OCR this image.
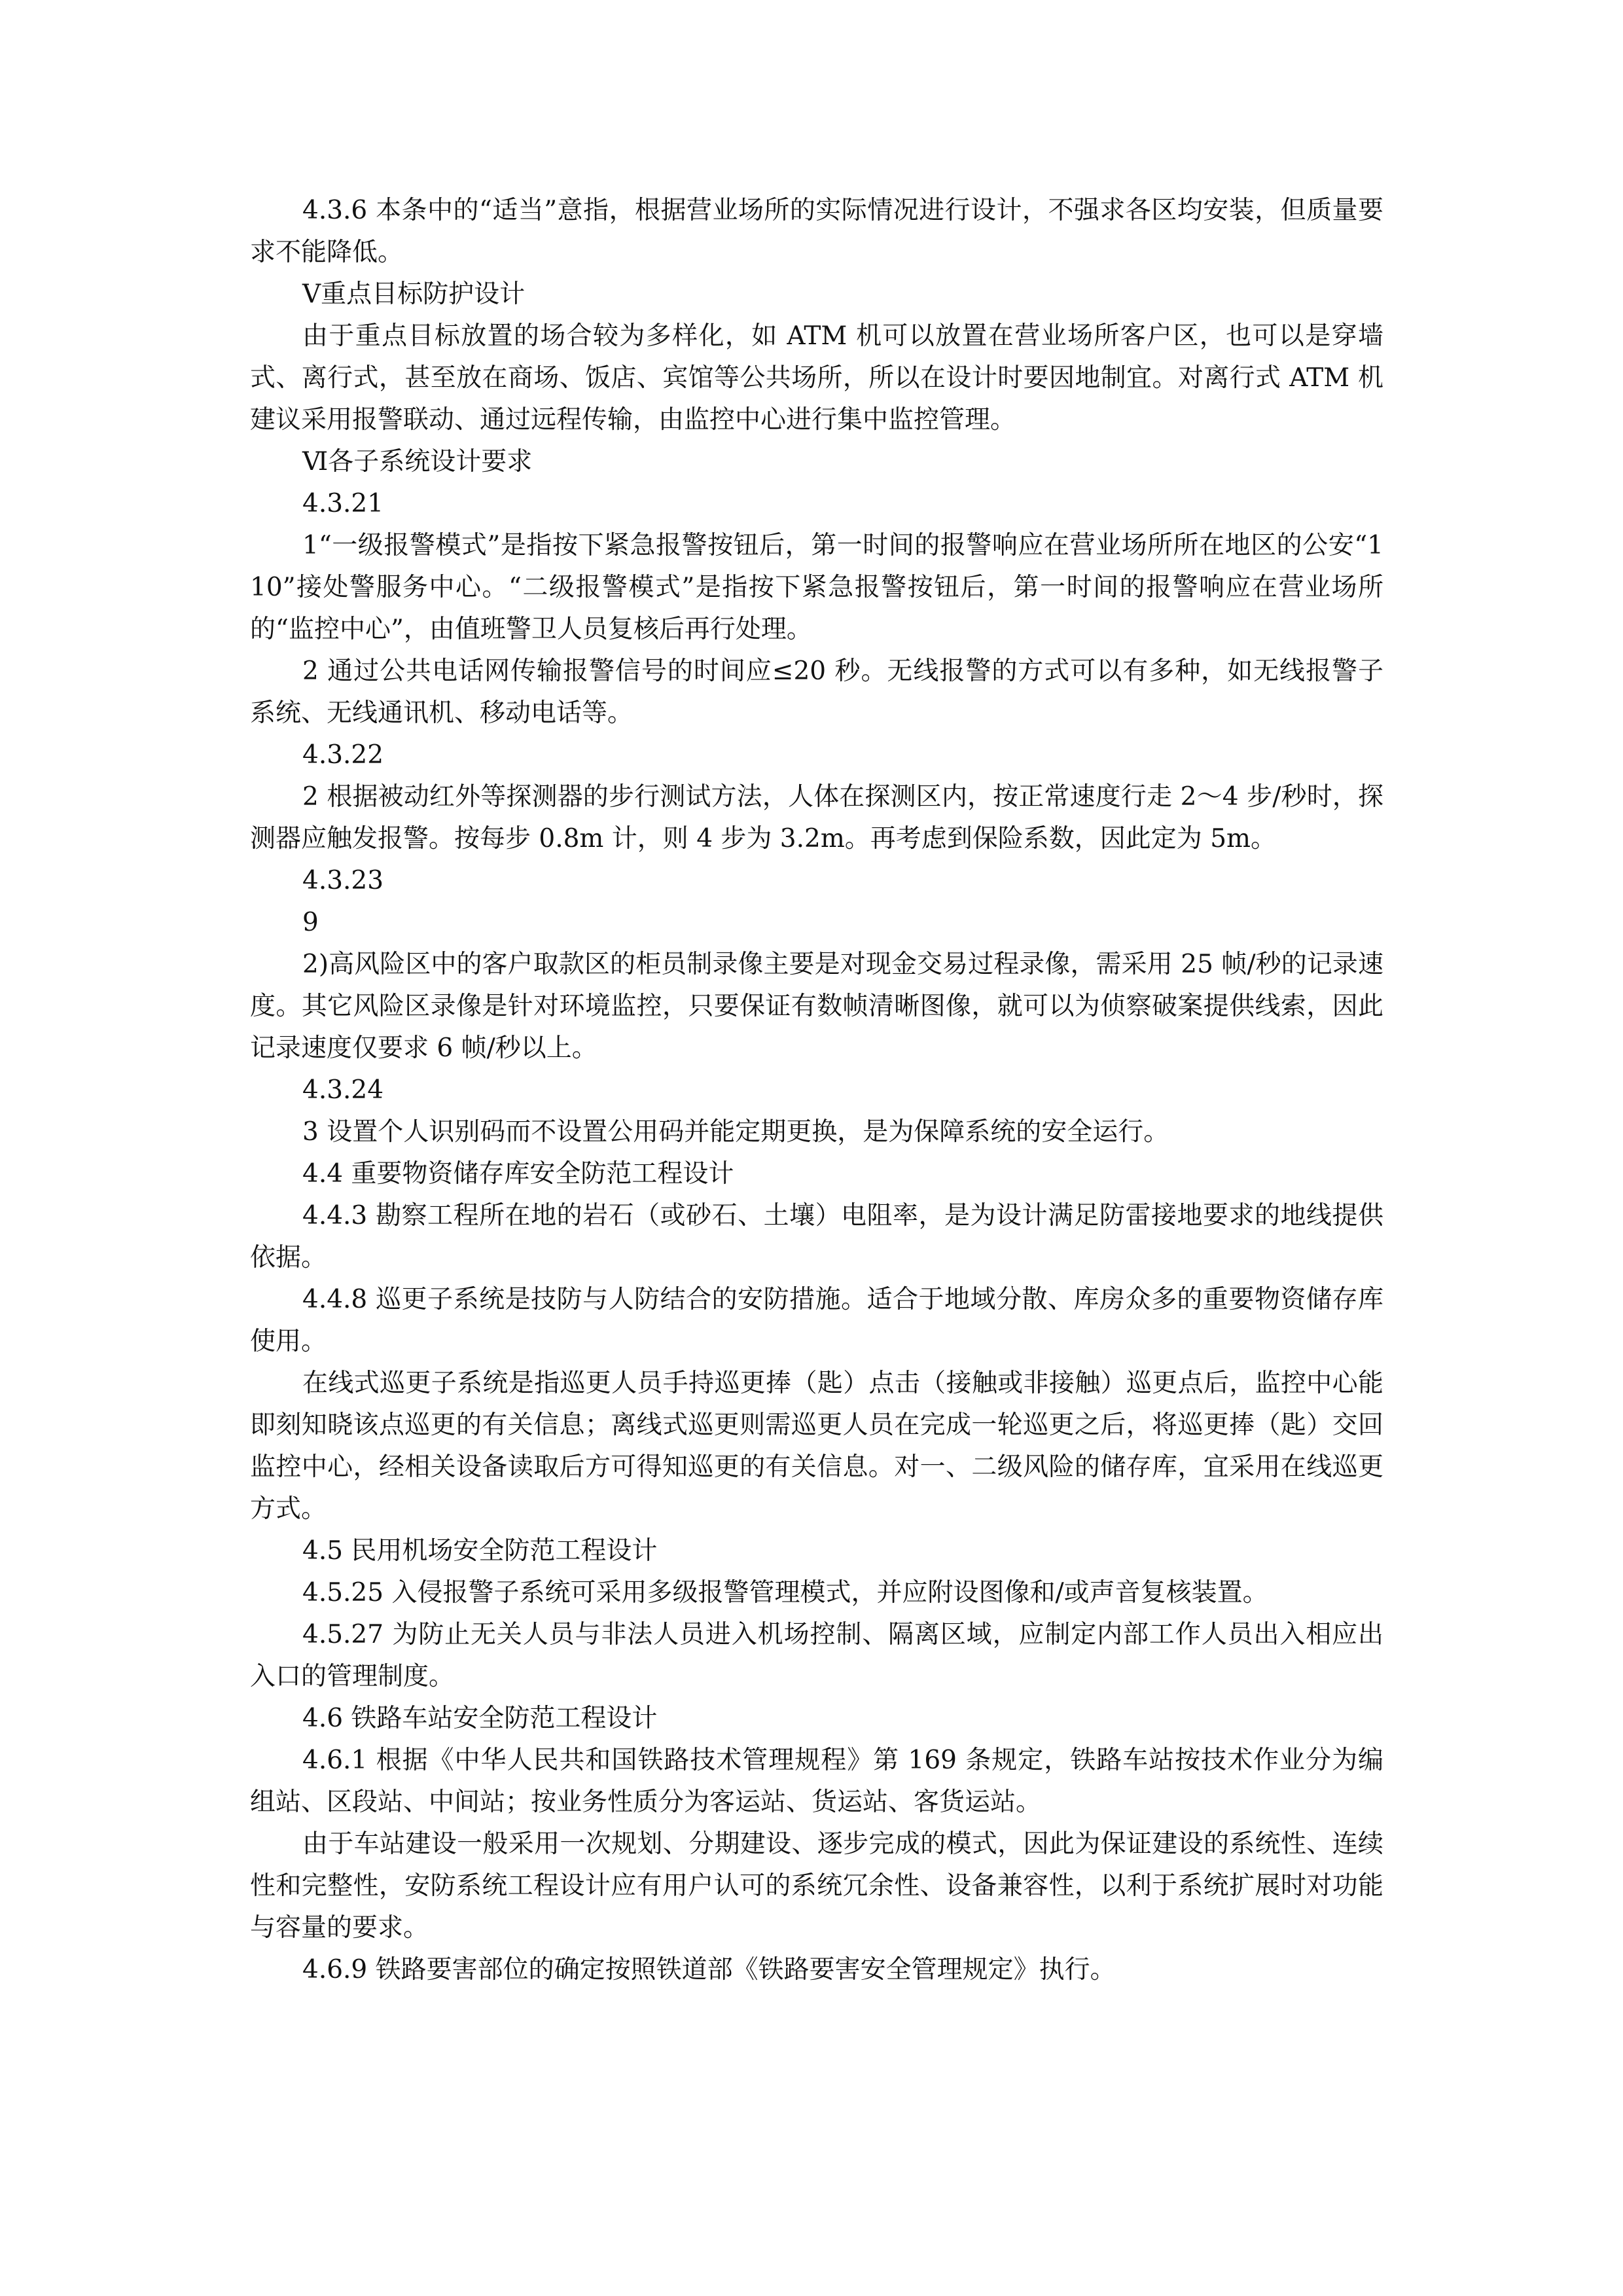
4.3.6 本条中的“适当”意指，根据营业场所的实际情况进行设计，不强求各区均安装，但质量要求不能降低。

Ⅴ重点目标防护设计

由于重点目标放置的场合较为多样化，如 ATM 机可以放置在营业场所客户区，也可以是穿墙式、离行式，甚至放在商场、饭店、宾馆等公共场所，所以在设计时要因地制宜。对离行式 ATM 机建议采用报警联动、通过远程传输，由监控中心进行集中监控管理。

Ⅵ各子系统设计要求

4.3.21

1“一级报警模式”是指按下紧急报警按钮后，第一时间的报警响应在营业场所所在地区的公安“110”接处警服务中心。“二级报警模式”是指按下紧急报警按钮后，第一时间的报警响应在营业场所的“监控中心”，由值班警卫人员复核后再行处理。

2 通过公共电话网传输报警信号的时间应≤20 秒。无线报警的方式可以有多种，如无线报警子系统、无线通讯机、移动电话等。

4.3.22

2 根据被动红外等探测器的步行测试方法，人体在探测区内，按正常速度行走 2～4 步/秒时，探测器应触发报警。按每步 0.8m 计，则 4 步为 3.2m。再考虑到保险系数，因此定为 5m。

4.3.23

9

2)高风险区中的客户取款区的柜员制录像主要是对现金交易过程录像，需采用 25 帧/秒的记录速度。其它风险区录像是针对环境监控，只要保证有数帧清晰图像，就可以为侦察破案提供线索，因此记录速度仅要求 6 帧/秒以上。

4.3.24

3 设置个人识别码而不设置公用码并能定期更换，是为保障系统的安全运行。

4.4 重要物资储存库安全防范工程设计

4.4.3 勘察工程所在地的岩石（或砂石、土壤）电阻率，是为设计满足防雷接地要求的地线提供依据。

4.4.8 巡更子系统是技防与人防结合的安防措施。适合于地域分散、库房众多的重要物资储存库使用。

在线式巡更子系统是指巡更人员手持巡更捧（匙）点击（接触或非接触）巡更点后，监控中心能即刻知晓该点巡更的有关信息；离线式巡更则需巡更人员在完成一轮巡更之后，将巡更捧（匙）交回监控中心，经相关设备读取后方可得知巡更的有关信息。对一、二级风险的储存库，宜采用在线巡更方式。

4.5 民用机场安全防范工程设计

4.5.25 入侵报警子系统可采用多级报警管理模式，并应附设图像和/或声音复核装置。

4.5.27 为防止无关人员与非法人员进入机场控制、隔离区域，应制定内部工作人员出入相应出入口的管理制度。

4.6 铁路车站安全防范工程设计

4.6.1 根据《中华人民共和国铁路技术管理规程》第 169 条规定，铁路车站按技术作业分为编组站、区段站、中间站；按业务性质分为客运站、货运站、客货运站。

由于车站建设一般采用一次规划、分期建设、逐步完成的模式，因此为保证建设的系统性、连续性和完整性，安防系统工程设计应有用户认可的系统冗余性、设备兼容性，以利于系统扩展时对功能与容量的要求。

4.6.9 铁路要害部位的确定按照铁道部《铁路要害安全管理规定》执行。
